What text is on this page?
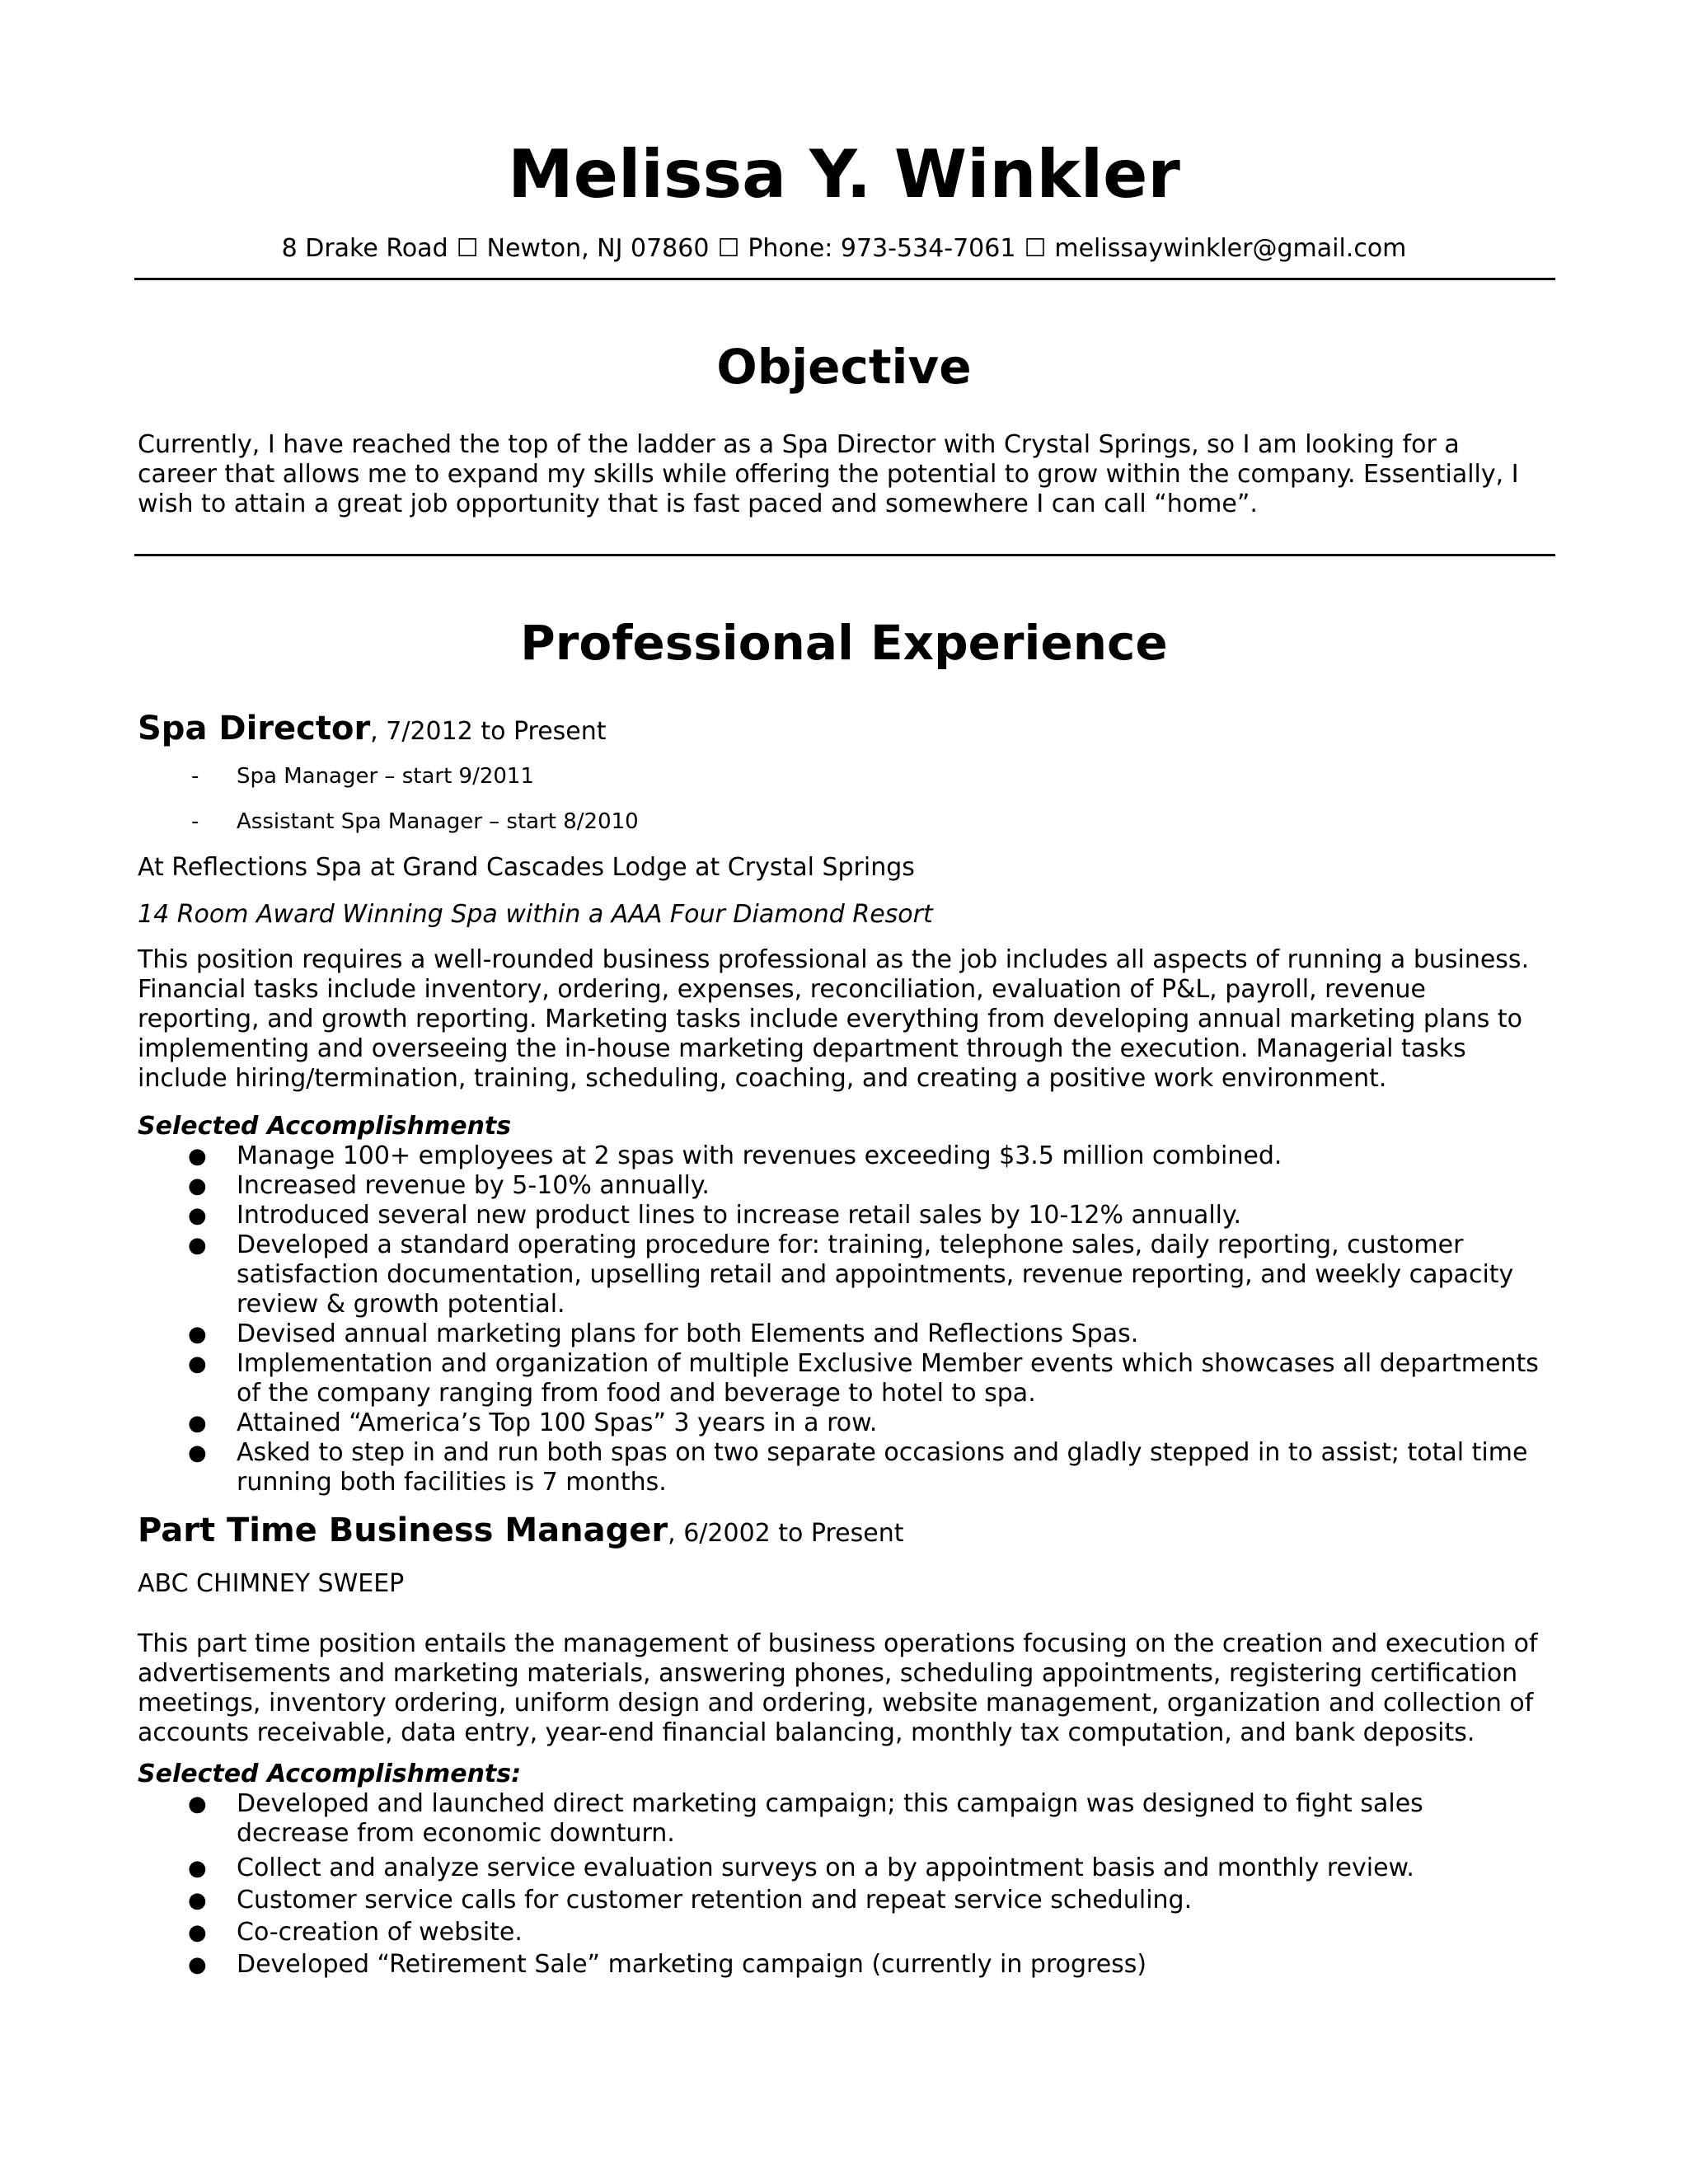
Melissa Y. Winkler
8 Drake Road ☐ Newton, NJ 07860 ☐ Phone: 973-534-7061 ☐ melissaywinkler@gmail.com
Objective
Currently, I have reached the top of the ladder as a Spa Director with Crystal Springs, so I am looking for a
career that allows me to expand my skills while offering the potential to grow within the company. Essentially, I
wish to attain a great job opportunity that is fast paced and somewhere I can call “home”.
Professional Experience
Spa Director, 7/2012 to Present
- Spa Manager – start 9/2011
- Assistant Spa Manager – start 8/2010
At Reflections Spa at Grand Cascades Lodge at Crystal Springs
14 Room Award Winning Spa within a AAA Four Diamond Resort
This position requires a well-rounded business professional as the job includes all aspects of running a business.
Financial tasks include inventory, ordering, expenses, reconciliation, evaluation of P&L, payroll, revenue
reporting, and growth reporting. Marketing tasks include everything from developing annual marketing plans to
implementing and overseeing the in-house marketing department through the execution. Managerial tasks
include hiring/termination, training, scheduling, coaching, and creating a positive work environment.
Selected Accomplishments
● Manage 100+ employees at 2 spas with revenues exceeding $3.5 million combined.
● Increased revenue by 5-10% annually.
● Introduced several new product lines to increase retail sales by 10-12% annually.
● Developed a standard operating procedure for: training, telephone sales, daily reporting, customer
satisfaction documentation, upselling retail and appointments, revenue reporting, and weekly capacity
review & growth potential.
● Devised annual marketing plans for both Elements and Reflections Spas.
● Implementation and organization of multiple Exclusive Member events which showcases all departments
of the company ranging from food and beverage to hotel to spa.
● Attained “America’s Top 100 Spas” 3 years in a row.
● Asked to step in and run both spas on two separate occasions and gladly stepped in to assist; total time
running both facilities is 7 months.
Part Time Business Manager, 6/2002 to Present
ABC CHIMNEY SWEEP
This part time position entails the management of business operations focusing on the creation and execution of
advertisements and marketing materials, answering phones, scheduling appointments, registering certification
meetings, inventory ordering, uniform design and ordering, website management, organization and collection of
accounts receivable, data entry, year-end financial balancing, monthly tax computation, and bank deposits.
Selected Accomplishments:
● Developed and launched direct marketing campaign; this campaign was designed to fight sales
decrease from economic downturn.
● Collect and analyze service evaluation surveys on a by appointment basis and monthly review.
● Customer service calls for customer retention and repeat service scheduling.
● Co-creation of website.
● Developed “Retirement Sale” marketing campaign (currently in progress)
